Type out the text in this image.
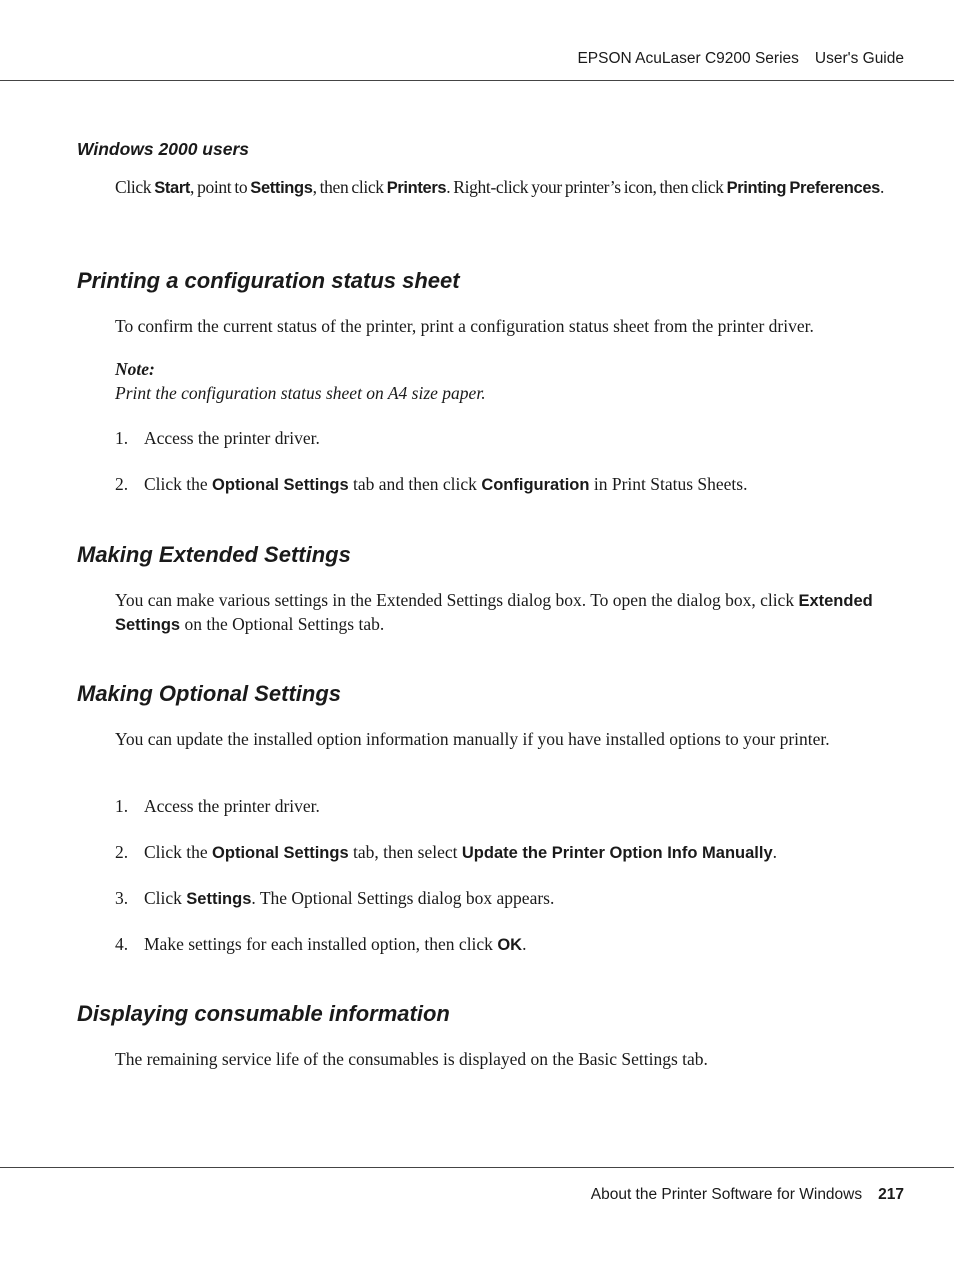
EPSON AcuLaser C9200 Series User's Guide
Windows 2000 users
Click Start, point to Settings, then click Printers. Right-click your printer’s icon, then click Printing Preferences.
Printing a configuration status sheet
To confirm the current status of the printer, print a configuration status sheet from the printer driver.
Note:
Print the configuration status sheet on A4 size paper.
1. Access the printer driver.
2. Click the Optional Settings tab and then click Configuration in Print Status Sheets.
Making Extended Settings
You can make various settings in the Extended Settings dialog box. To open the dialog box, click Extended Settings on the Optional Settings tab.
Making Optional Settings
You can update the installed option information manually if you have installed options to your printer.
1. Access the printer driver.
2. Click the Optional Settings tab, then select Update the Printer Option Info Manually.
3. Click Settings. The Optional Settings dialog box appears.
4. Make settings for each installed option, then click OK.
Displaying consumable information
The remaining service life of the consumables is displayed on the Basic Settings tab.
About the Printer Software for Windows 217
